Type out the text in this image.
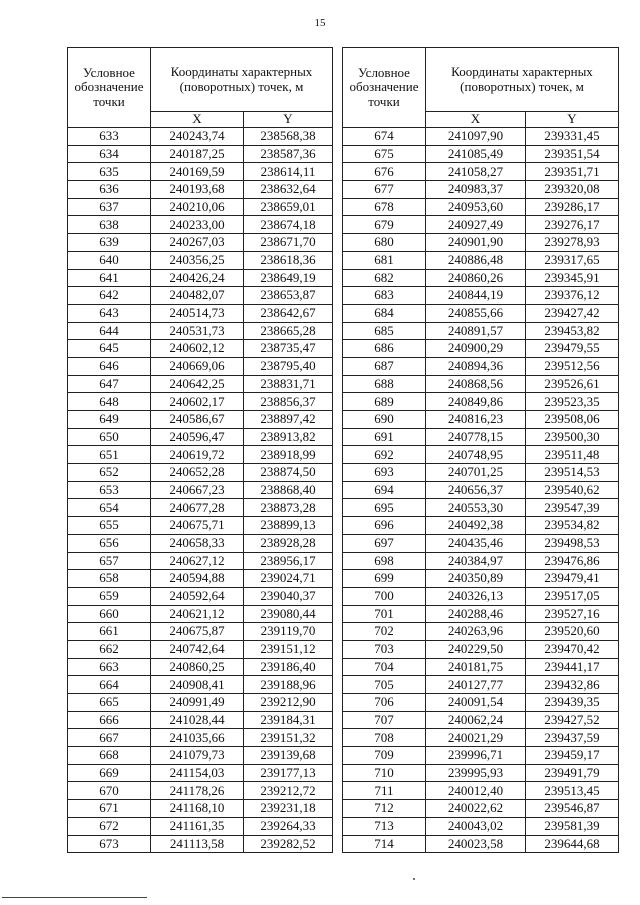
15
Условное обозначение точки	Координаты характерных (поворотных) точек, м	
	X	Y
633	240243,74	238568,38
634	240187,25	238587,36
635	240169,59	238614,11
636	240193,68	238632,64
637	240210,06	238659,01
638	240233,00	238674,18
639	240267,03	238671,70
640	240356,25	238618,36
641	240426,24	238649,19
642	240482,07	238653,87
643	240514,73	238642,67
644	240531,73	238665,28
645	240602,12	238735,47
646	240669,06	238795,40
647	240642,25	238831,71
648	240602,17	238856,37
649	240586,67	238897,42
650	240596,47	238913,82
651	240619,72	238918,99
652	240652,28	238874,50
653	240667,23	238868,40
654	240677,28	238873,28
655	240675,71	238899,13
656	240658,33	238928,28
657	240627,12	238956,17
658	240594,88	239024,71
659	240592,64	239040,37
660	240621,12	239080,44
661	240675,87	239119,70
662	240742,64	239151,12
663	240860,25	239186,40
664	240908,41	239188,96
665	240991,49	239212,90
666	241028,44	239184,31
667	241035,66	239151,32
668	241079,73	239139,68
669	241154,03	239177,13
670	241178,26	239212,72
671	241168,10	239231,18
672	241161,35	239264,33
673	241113,58	239282,52
Условное обозначение точки	Координаты характерных (поворотных) точек, м	
	X	Y
674	241097,90	239331,45
675	241085,49	239351,54
676	241058,27	239351,71
677	240983,37	239320,08
678	240953,60	239286,17
679	240927,49	239276,17
680	240901,90	239278,93
681	240886,48	239317,65
682	240860,26	239345,91
683	240844,19	239376,12
684	240855,66	239427,42
685	240891,57	239453,82
686	240900,29	239479,55
687	240894,36	239512,56
688	240868,56	239526,61
689	240849,86	239523,35
690	240816,23	239508,06
691	240778,15	239500,30
692	240748,95	239511,48
693	240701,25	239514,53
694	240656,37	239540,62
695	240553,30	239547,39
696	240492,38	239534,82
697	240435,46	239498,53
698	240384,97	239476,86
699	240350,89	239479,41
700	240326,13	239517,05
701	240288,46	239527,16
702	240263,96	239520,60
703	240229,50	239470,42
704	240181,75	239441,17
705	240127,77	239432,86
706	240091,54	239439,35
707	240062,24	239427,52
708	240021,29	239437,59
709	239996,71	239459,17
710	239995,93	239491,79
711	240012,40	239513,45
712	240022,62	239546,87
713	240043,02	239581,39
714	240023,58	239644,68
